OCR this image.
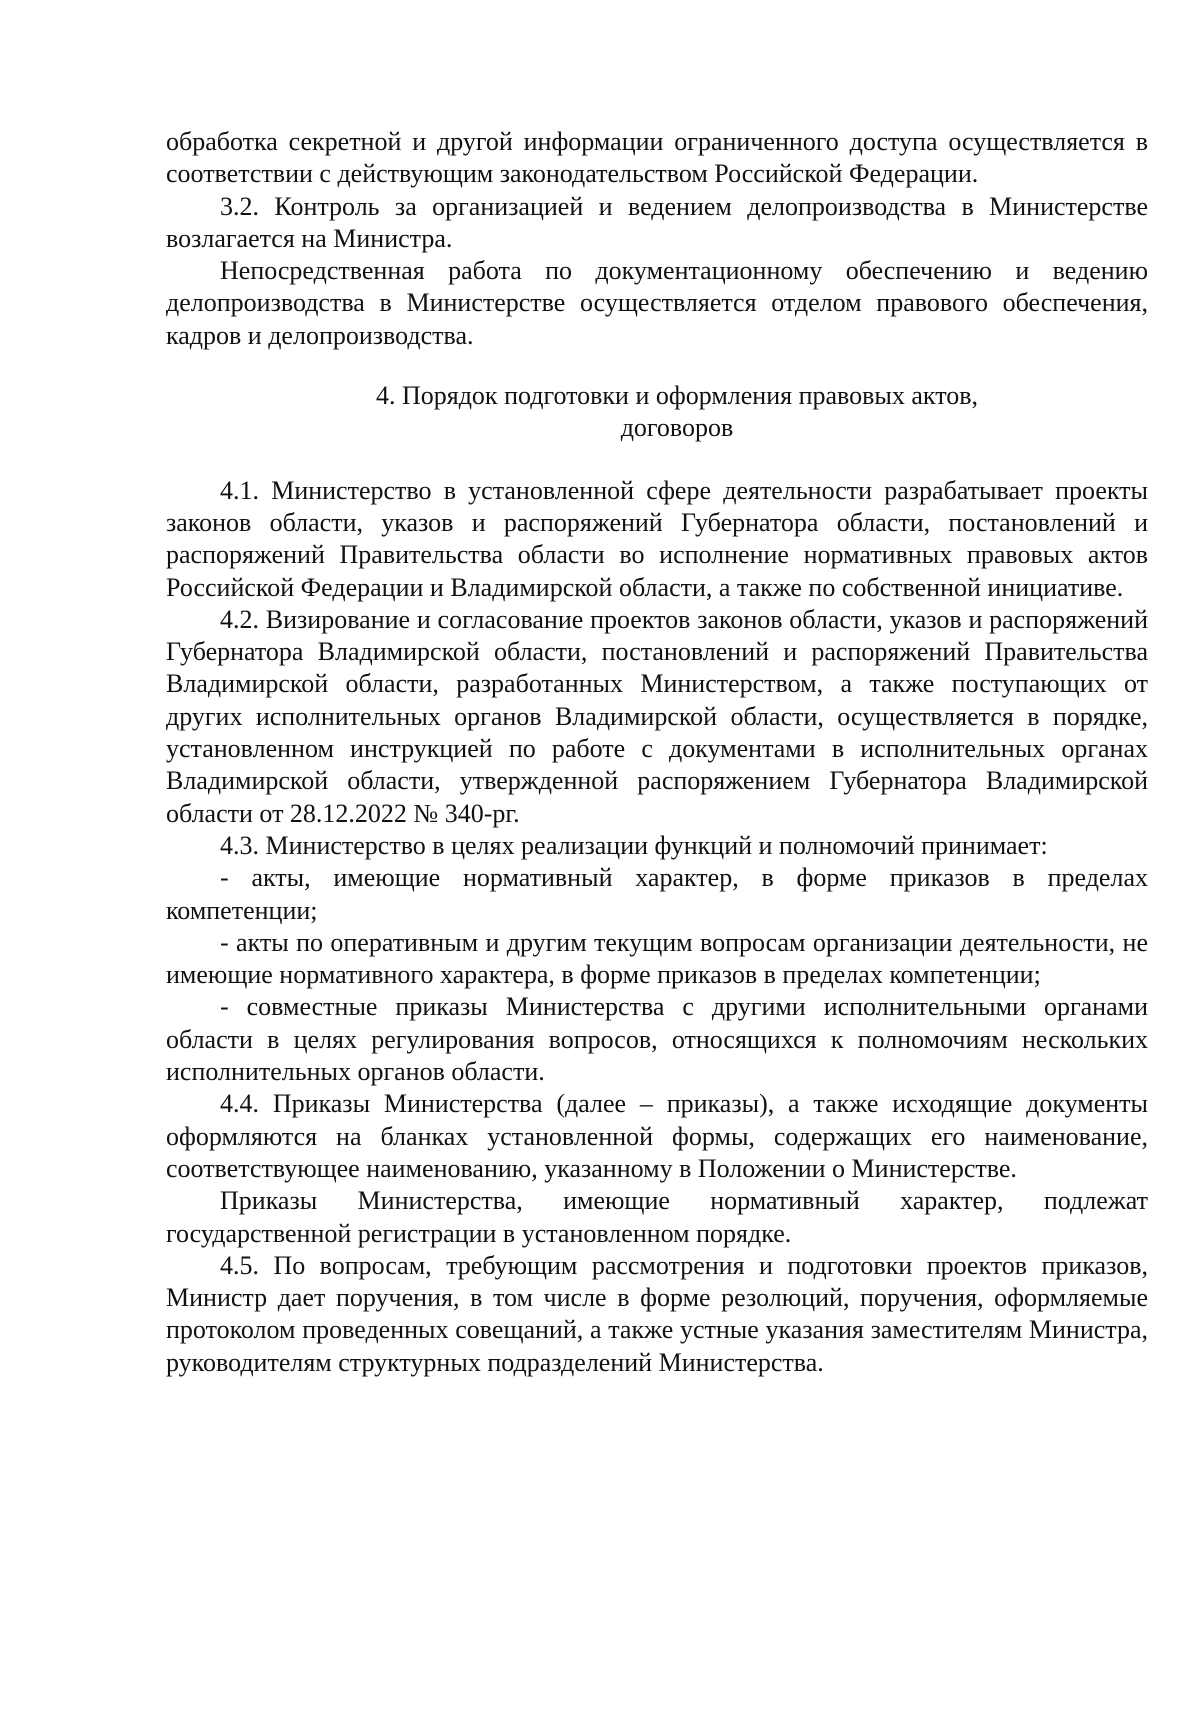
обработка секретной и другой информации ограниченного доступа осуществляется в соответствии с действующим законодательством Российской Федерации.

3.2. Контроль за организацией и ведением делопроизводства в Министерстве возлагается на Министра.

Непосредственная работа по документационному обеспечению и ведению делопроизводства в Министерстве осуществляется отделом правового обеспечения, кадров и делопроизводства.

4. Порядок подготовки и оформления правовых актов,

договоров

4.1. Министерство в установленной сфере деятельности разрабатывает проекты законов области, указов и распоряжений Губернатора области, постановлений и распоряжений Правительства области во исполнение нормативных правовых актов Российской Федерации и Владимирской области, а также по собственной инициативе.

4.2. Визирование и согласование проектов законов области, указов и распоряжений Губернатора Владимирской области, постановлений и распоряжений Правительства Владимирской области, разработанных Министерством, а также поступающих от других исполнительных органов Владимирской области, осуществляется в порядке, установленном инструкцией по работе с документами в исполнительных органах Владимирской области, утвержденной распоряжением Губернатора Владимирской области от 28.12.2022 № 340-рг.

4.3. Министерство в целях реализации функций и полномочий принимает:

- акты, имеющие нормативный характер, в форме приказов в пределах компетенции;

- акты по оперативным и другим текущим вопросам организации деятельности, не имеющие нормативного характера, в форме приказов в пределах компетенции;

- совместные приказы Министерства с другими исполнительными органами области в целях регулирования вопросов, относящихся к полномочиям нескольких исполнительных органов области.

4.4. Приказы Министерства (далее – приказы), а также исходящие документы оформляются на бланках установленной формы, содержащих его наименование, соответствующее наименованию, указанному в Положении о Министерстве.

Приказы Министерства, имеющие нормативный характер, подлежат государственной регистрации в установленном порядке.

4.5. По вопросам, требующим рассмотрения и подготовки проектов приказов, Министр дает поручения, в том числе в форме резолюций, поручения, оформляемые протоколом проведенных совещаний, а также устные указания заместителям Министра, руководителям структурных подразделений Министерства.
